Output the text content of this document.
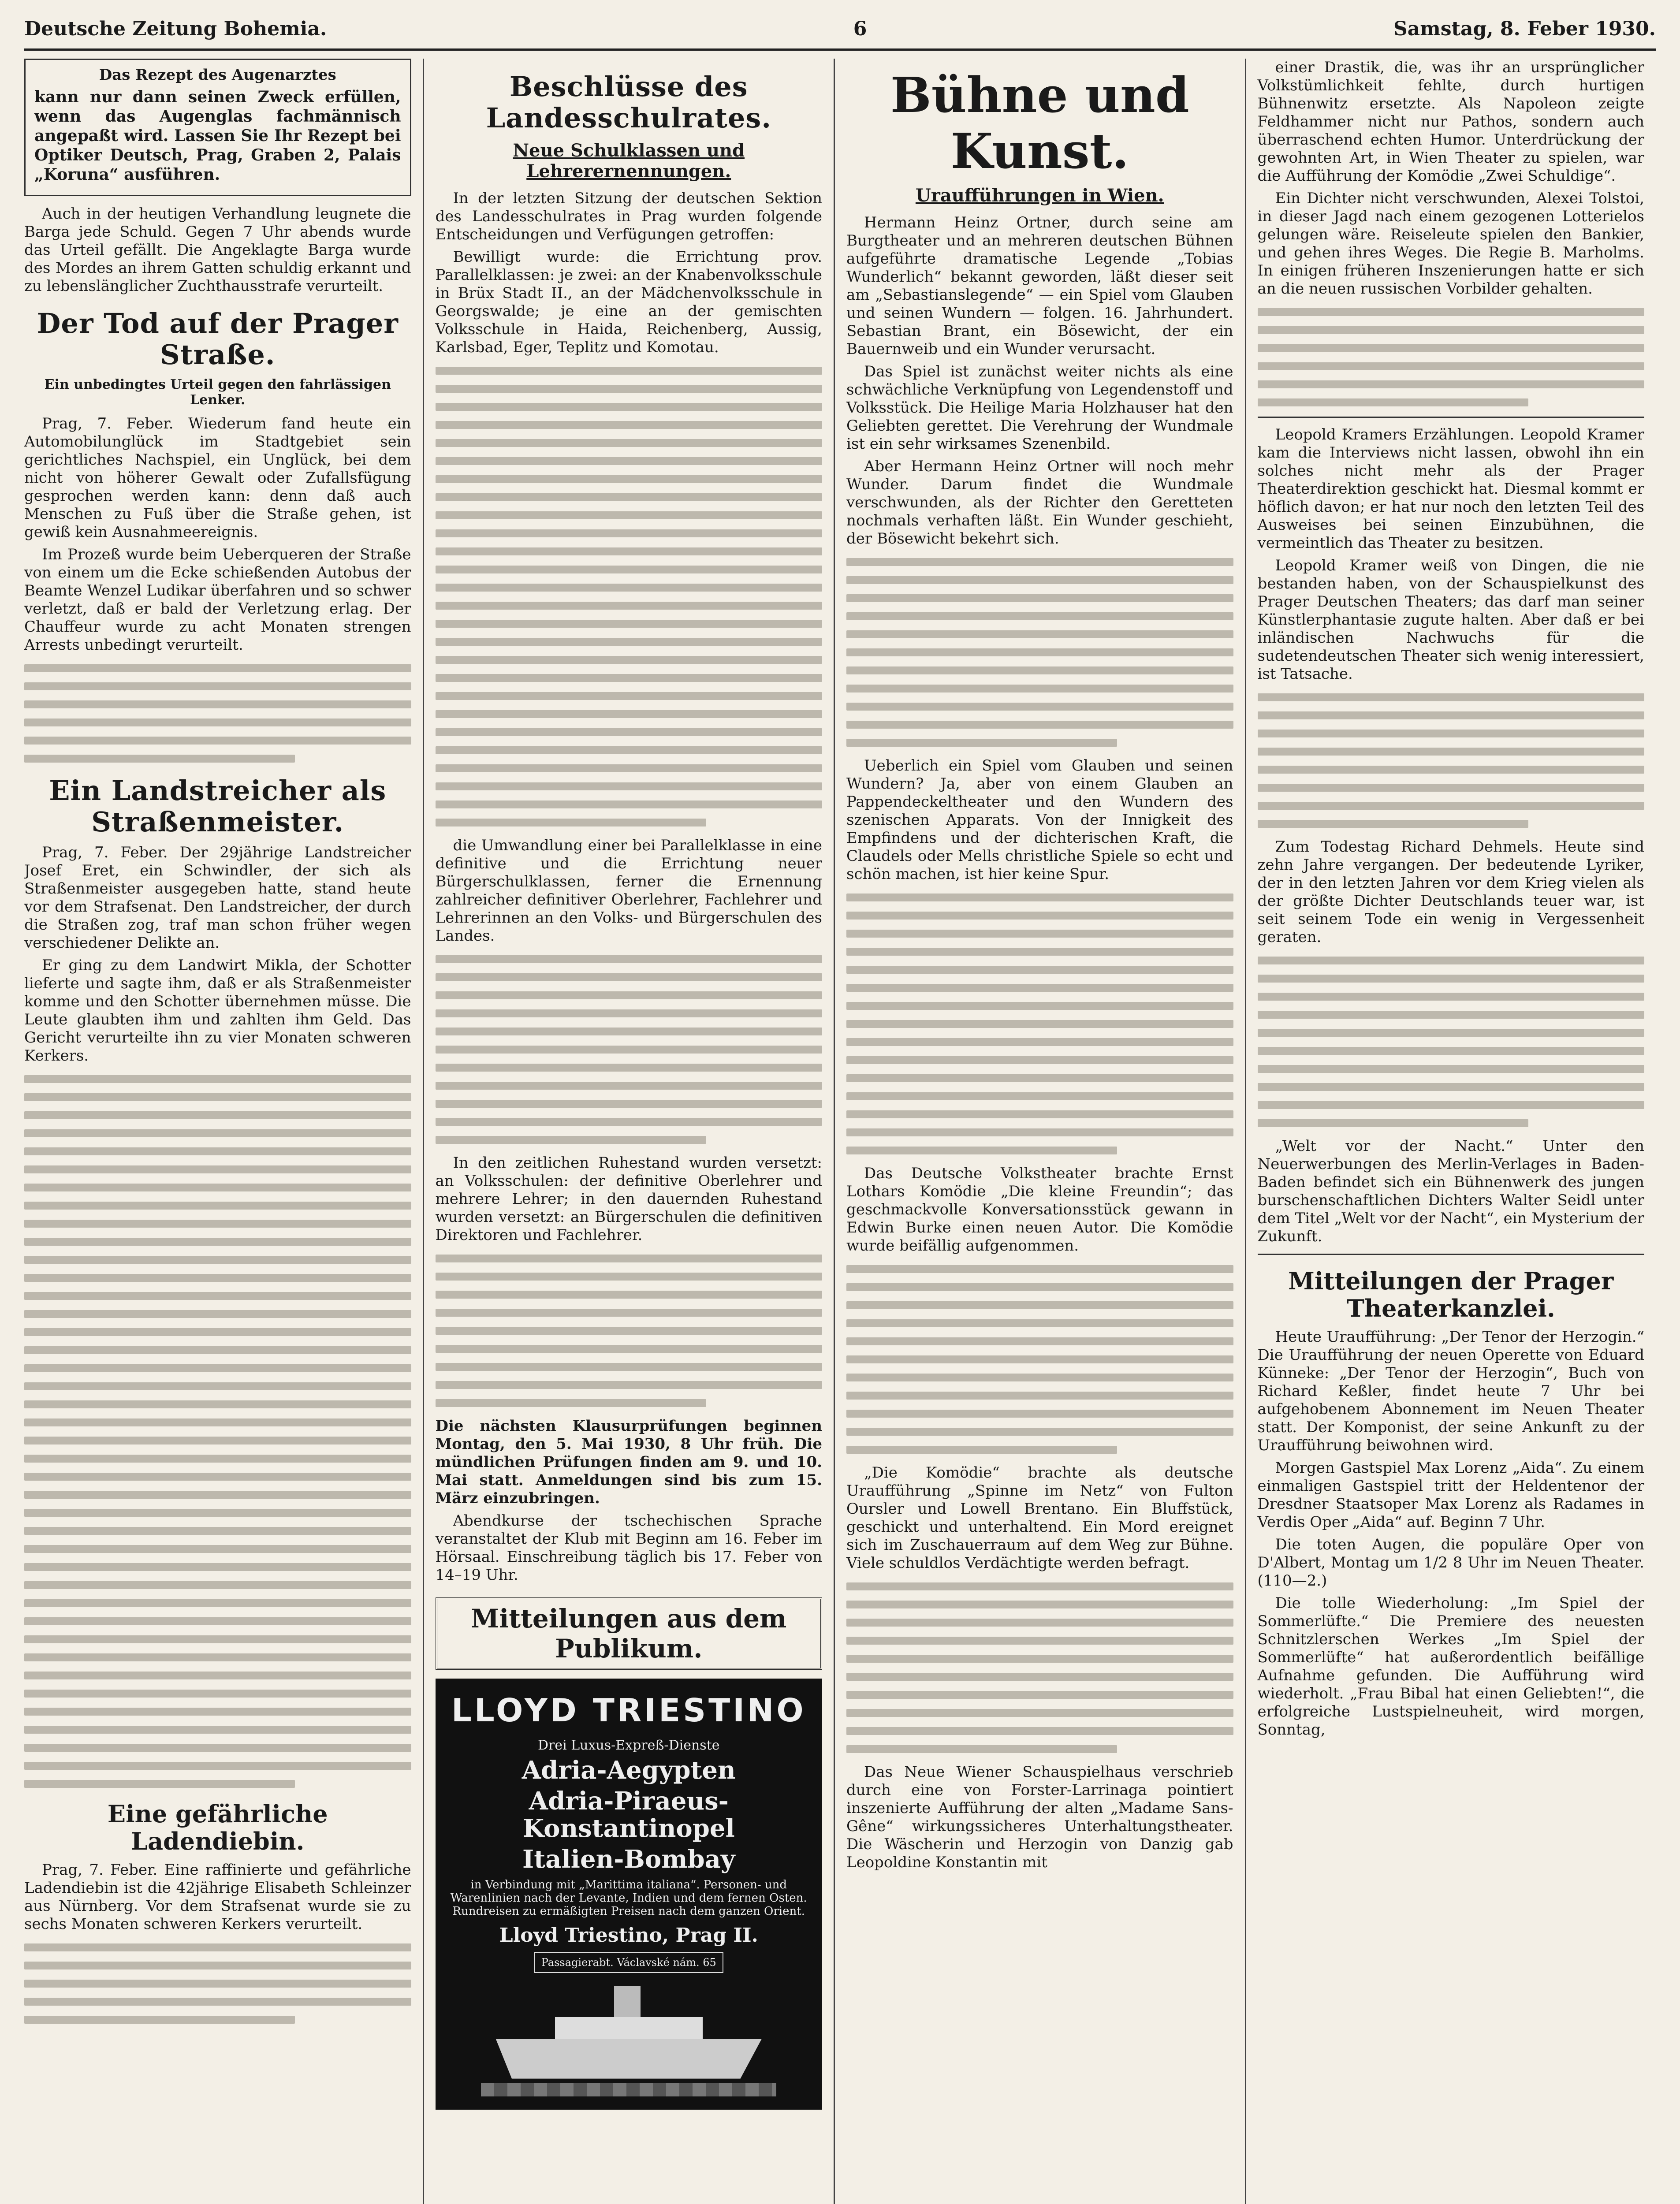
Deutsche Zeitung Bohemia.	6	Samstag, 8. Feber 1930.
Das Rezept des Augenarztes

kann nur dann seinen Zweck erfüllen, wenn das Augenglas fachmännisch angepaßt wird. Lassen Sie Ihr Rezept bei Optiker Deutsch, Prag, Graben 2, Palais „Koruna“ ausführen.

Auch in der heutigen Verhandlung leugnete die Barga jede Schuld. Gegen 7 Uhr abends wurde das Urteil gefällt. Die Angeklagte Barga wurde des Mordes an ihrem Gatten schuldig erkannt und zu lebenslänglicher Zuchthausstrafe verurteilt.

Der Tod auf der Prager Straße.
Ein unbedingtes Urteil gegen den fahrlässigen Lenker.

Prag, 7. Feber. Wiederum fand heute ein Automobilunglück im Stadtgebiet sein gerichtliches Nachspiel, ein Unglück, bei dem nicht von höherer Gewalt oder Zufallsfügung gesprochen werden kann: denn daß auch Menschen zu Fuß über die Straße gehen, ist gewiß kein Ausnahmeereignis.

Im Prozeß wurde beim Ueberqueren der Straße von einem um die Ecke schießenden Autobus der Beamte Wenzel Ludikar überfahren und so schwer verletzt, daß er bald der Verletzung erlag. Der Chauffeur wurde zu acht Monaten strengen Arrests unbedingt verurteilt.

Ein Landstreicher als Straßenmeister.

Prag, 7. Feber. Der 29jährige Landstreicher Josef Eret, ein Schwindler, der sich als Straßenmeister ausgegeben hatte, stand heute vor dem Strafsenat. Den Landstreicher, der durch die Straßen zog, traf man schon früher wegen verschiedener Delikte an.

Er ging zu dem Landwirt Mikla, der Schotter lieferte und sagte ihm, daß er als Straßenmeister komme und den Schotter übernehmen müsse. Die Leute glaubten ihm und zahlten ihm Geld. Das Gericht verurteilte ihn zu vier Monaten schweren Kerkers.

Eine gefährliche Ladendiebin.

Prag, 7. Feber. Eine raffinierte und gefährliche Ladendiebin ist die 42jährige Elisabeth Schleinzer aus Nürnberg. Vor dem Strafsenat wurde sie zu sechs Monaten schweren Kerkers verurteilt.

Beschlüsse des Landesschulrates.
Neue Schulklassen und Lehrerernennungen.

In der letzten Sitzung der deutschen Sektion des Landesschulrates in Prag wurden folgende Entscheidungen und Verfügungen getroffen:

Bewilligt wurde: die Errichtung prov. Parallelklassen: je zwei: an der Knabenvolksschule in Brüx Stadt II., an der Mädchenvolksschule in Georgswalde; je eine an der gemischten Volksschule in Haida, Reichenberg, Aussig, Karlsbad, Eger, Teplitz und Komotau.

die Umwandlung einer bei Parallelklasse in eine definitive und die Errichtung neuer Bürgerschulklassen, ferner die Ernennung zahlreicher definitiver Oberlehrer, Fachlehrer und Lehrerinnen an den Volks- und Bürgerschulen des Landes.

In den zeitlichen Ruhestand wurden versetzt: an Volksschulen: der definitive Oberlehrer und mehrere Lehrer; in den dauernden Ruhestand wurden versetzt: an Bürgerschulen die definitiven Direktoren und Fachlehrer.

Die nächsten Klausurprüfungen beginnen Montag, den 5. Mai 1930, 8 Uhr früh. Die mündlichen Prüfungen finden am 9. und 10. Mai statt. Anmeldungen sind bis zum 15. März einzubringen.

Abendkurse der tschechischen Sprache veranstaltet der Klub mit Beginn am 16. Feber im Hörsaal. Einschreibung täglich bis 17. Feber von 14–19 Uhr.

Mitteilungen aus dem Publikum.
LLOYD TRIESTINO
Drei Luxus-Expreß-Dienste
Adria-Aegypten
Adria-Piraeus-Konstantinopel
Italien-Bombay
in Verbindung mit „Marittima italiana“. Personen- und Warenlinien nach der Levante, Indien und dem fernen Osten. Rundreisen zu ermäßigten Preisen nach dem ganzen Orient.
Lloyd Triestino, Prag II.
Passagierabt. Václavské nám. 65
Bühne und Kunst.
Uraufführungen in Wien.

Hermann Heinz Ortner, durch seine am Burgtheater und an mehreren deutschen Bühnen aufgeführte dramatische Legende „Tobias Wunderlich“ bekannt geworden, läßt dieser seit am „Sebastianslegende“ — ein Spiel vom Glauben und seinen Wundern — folgen. 16. Jahrhundert. Sebastian Brant, ein Bösewicht, der ein Bauernweib und ein Wunder verursacht.

Das Spiel ist zunächst weiter nichts als eine schwächliche Verknüpfung von Legendenstoff und Volksstück. Die Heilige Maria Holzhauser hat den Geliebten gerettet. Die Verehrung der Wundmale ist ein sehr wirksames Szenenbild.

Aber Hermann Heinz Ortner will noch mehr Wunder. Darum findet die Wundmale verschwunden, als der Richter den Geretteten nochmals verhaften läßt. Ein Wunder geschieht, der Bösewicht bekehrt sich.

Ueberlich ein Spiel vom Glauben und seinen Wundern? Ja, aber von einem Glauben an Pappendeckeltheater und den Wundern des szenischen Apparats. Von der Innigkeit des Empfindens und der dichterischen Kraft, die Claudels oder Mells christliche Spiele so echt und schön machen, ist hier keine Spur.

Das Deutsche Volkstheater brachte Ernst Lothars Komödie „Die kleine Freundin“; das geschmackvolle Konversationsstück gewann in Edwin Burke einen neuen Autor. Die Komödie wurde beifällig aufgenommen.

„Die Komödie“ brachte als deutsche Uraufführung „Spinne im Netz“ von Fulton Oursler und Lowell Brentano. Ein Bluffstück, geschickt und unterhaltend. Ein Mord ereignet sich im Zuschauerraum auf dem Weg zur Bühne. Viele schuldlos Verdächtigte werden befragt.

Das Neue Wiener Schauspielhaus verschrieb durch eine von Forster-Larrinaga pointiert inszenierte Aufführung der alten „Madame Sans-Gêne“ wirkungssicheres Unterhaltungstheater. Die Wäscherin und Herzogin von Danzig gab Leopoldine Konstantin mit

einer Drastik, die, was ihr an ursprünglicher Volkstümlichkeit fehlte, durch hurtigen Bühnenwitz ersetzte. Als Napoleon zeigte Feldhammer nicht nur Pathos, sondern auch überraschend echten Humor. Unterdrückung der gewohnten Art, in Wien Theater zu spielen, war die Aufführung der Komödie „Zwei Schuldige“.

Ein Dichter nicht verschwunden, Alexei Tolstoi, in dieser Jagd nach einem gezogenen Lotterielos gelungen wäre. Reiseleute spielen den Bankier, und gehen ihres Weges. Die Regie B. Marholms. In einigen früheren Inszenierungen hatte er sich an die neuen russischen Vorbilder gehalten.

Leopold Kramers Erzählungen. Leopold Kramer kam die Interviews nicht lassen, obwohl ihn ein solches nicht mehr als der Prager Theaterdirektion geschickt hat. Diesmal kommt er höflich davon; er hat nur noch den letzten Teil des Ausweises bei seinen Einzubühnen, die vermeintlich das Theater zu besitzen.

Leopold Kramer weiß von Dingen, die nie bestanden haben, von der Schauspielkunst des Prager Deutschen Theaters; das darf man seiner Künstlerphantasie zugute halten. Aber daß er bei inländischen Nachwuchs für die sudetendeutschen Theater sich wenig interessiert, ist Tatsache.

Zum Todestag Richard Dehmels. Heute sind zehn Jahre vergangen. Der bedeutende Lyriker, der in den letzten Jahren vor dem Krieg vielen als der größte Dichter Deutschlands teuer war, ist seit seinem Tode ein wenig in Vergessenheit geraten.

„Welt vor der Nacht.“ Unter den Neuerwerbungen des Merlin-Verlages in Baden-Baden befindet sich ein Bühnenwerk des jungen burschenschaftlichen Dichters Walter Seidl unter dem Titel „Welt vor der Nacht“, ein Mysterium der Zukunft.

Mitteilungen der Prager Theaterkanzlei.

Heute Uraufführung: „Der Tenor der Herzogin.“ Die Uraufführung der neuen Operette von Eduard Künneke: „Der Tenor der Herzogin“, Buch von Richard Keßler, findet heute 7 Uhr bei aufgehobenem Abonnement im Neuen Theater statt. Der Komponist, der seine Ankunft zu der Uraufführung beiwohnen wird.

Morgen Gastspiel Max Lorenz „Aida“. Zu einem einmaligen Gastspiel tritt der Heldentenor der Dresdner Staatsoper Max Lorenz als Radames in Verdis Oper „Aida“ auf. Beginn 7 Uhr.

Die toten Augen, die populäre Oper von D'Albert, Montag um 1/2 8 Uhr im Neuen Theater. (110—2.)

Die tolle Wiederholung: „Im Spiel der Sommerlüfte.“ Die Premiere des neuesten Schnitzlerschen Werkes „Im Spiel der Sommerlüfte“ hat außerordentlich beifällige Aufnahme gefunden. Die Aufführung wird wiederholt. „Frau Bibal hat einen Geliebten!“, die erfolgreiche Lustspielneuheit, wird morgen, Sonntag,
